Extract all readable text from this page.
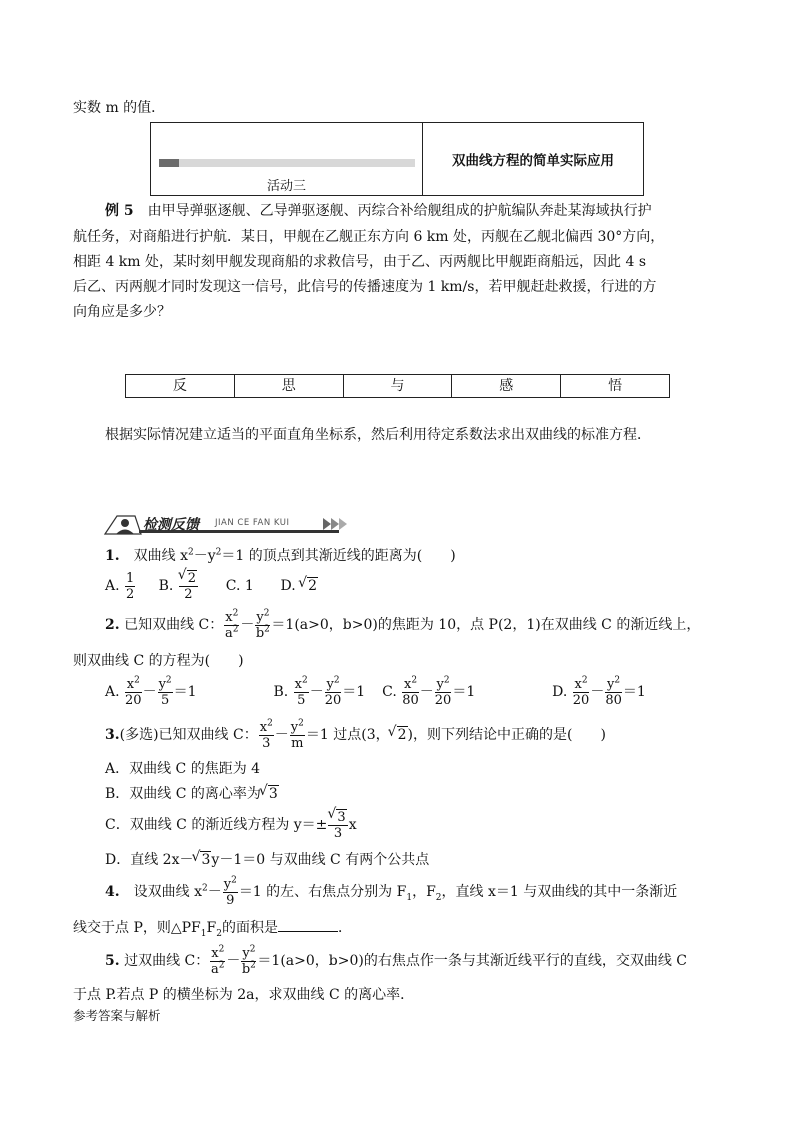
实数 m 的值．
活动三
双曲线方程的简单实际应用
例 5　 由甲导弹驱逐舰、乙导弹驱逐舰、丙综合补给舰组成的护航编队奔赴某海域执行护
航任务，对商船进行护航．某日，甲舰在乙舰正东方向 6 km 处，丙舰在乙舰北偏西 30°方向，
相距 4 km 处，某时刻甲舰发现商船的求救信号，由于乙、丙两舰比甲舰距商船远，因此 4 s
后乙、丙两舰才同时发现这一信号，此信号的传播速度为 1 km/s，若甲舰赶赴救援，行进的方
向角应是多少？
反	思	与	感	悟
根据实际情况建立适当的平面直角坐标系，然后利用待定系数法求出双曲线的标准方程．
检测反馈 JIAN CE FAN KUI
1.　 双曲线 $x^2-y^2=1$ 的顶点到其渐近线的距离为(　　)
A. $\frac{1}{2} B$. √ $\frac{2}{2} C$. 1 D. √ 2
2. 已知双曲线 C： $\frac{x^2}{a^2} - \frac{y^2}{b^2} =1(a>0$，b>0)的焦距为 10，点 P(2，1)在双曲线 C 的渐近线上，
则双曲线 C 的方程为(　　)
A. $\frac{x^2}{20} - \frac{y^2}{5} =1$	B. $\frac{x^2}{5} - \frac{y^2}{20} =1$  C. $\frac{x^2}{80} - \frac{y^2}{20} =1$	D. $\frac{x^2}{20} - \frac{y^2}{80} =1$
3.(多选)已知双曲线 C： $\frac{x^2}{3} - \frac{y^2}{m} =1$ 过点(3， √ 2)，则下列结论中正确的是(　　)
A．双曲线 C 的焦距为 4
B．双曲线 C 的离心率为 √ 3
C．双曲线 C 的渐近线方程为 y＝± √ $\frac{3}{3}$ x
D．直线 2x－ √ 3y－1＝0 与双曲线 C 有两个公共点
4.　 设双曲线 $x^2- \frac{y^2}{9} =1$ 的左、右焦点分别为 $F_1$，$F_2$，直线 x＝1 与双曲线的其中一条渐近
线交于点 P，则$\triangle PF_1F_2$的面积是	．
5. 过双曲线 C： $\frac{x^2}{a^2} - \frac{y^2}{b^2} =1(a>0$，b>0)的右焦点作一条与其渐近线平行的直线，交双曲线 C
于点 P.若点 P 的横坐标为 2a，求双曲线 C 的离心率．
参考答案与解析
